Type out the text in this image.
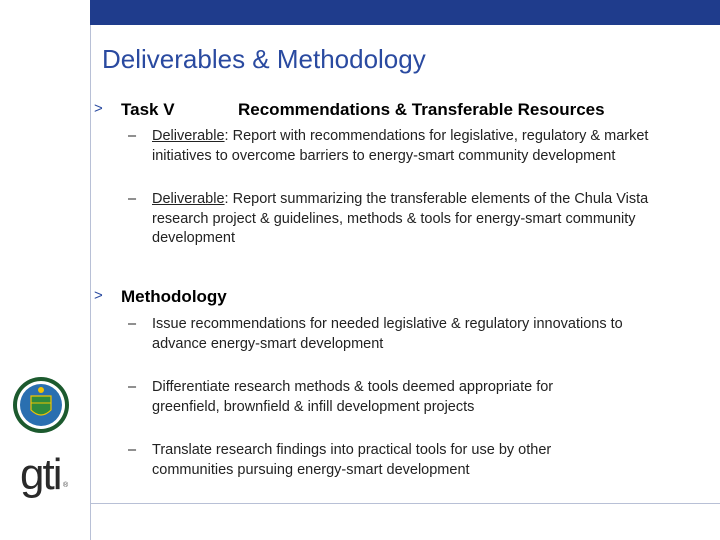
Deliverables & Methodology
> Task V	Recommendations & Transferable Resources
– Deliverable: Report with recommendations for legislative, regulatory & market initiatives to overcome barriers to energy-smart community development
– Deliverable: Report summarizing the transferable elements of the Chula Vista research project & guidelines, methods & tools for energy-smart community development
> Methodology
– Issue recommendations for needed legislative & regulatory innovations to advance energy-smart development
– Differentiate research methods & tools deemed appropriate for greenfield, brownfield & infill development projects
– Translate research findings into practical tools for use by other communities pursuing energy-smart development
gti ®
